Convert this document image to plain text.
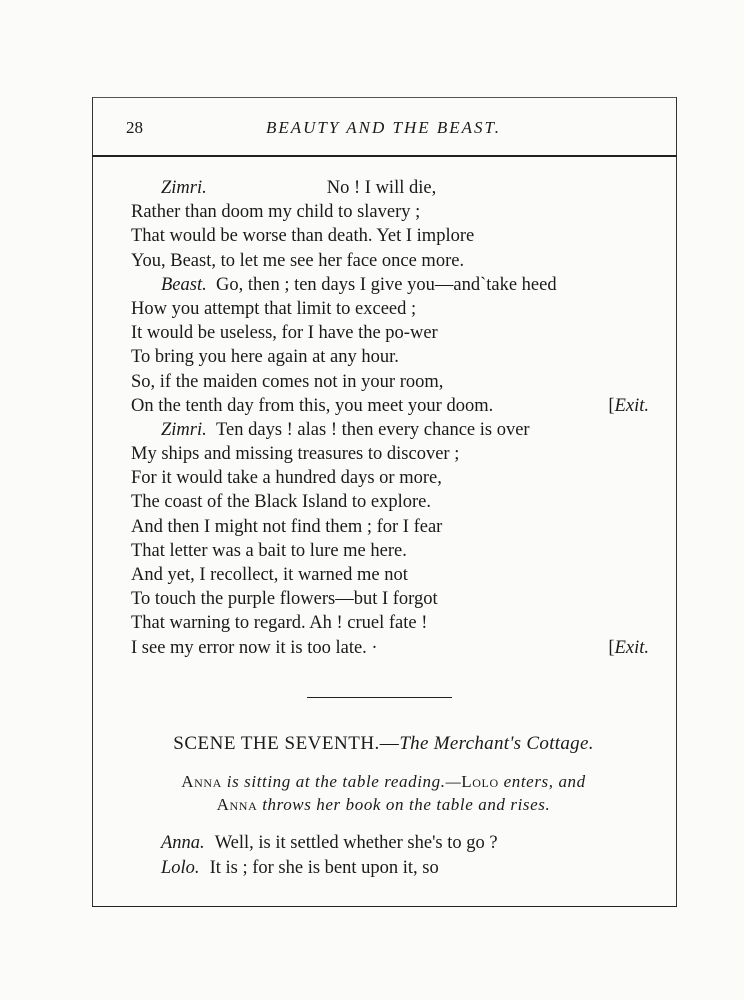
28	BEAUTY AND THE BEAST.
Zimri.	No ! I will die,
Rather than doom my child to slavery ;
That would be worse than death. Yet I implore
You, Beast, to let me see her face once more.
Beast. Go, then ; ten days I give you—and`take heed
How you attempt that limit to exceed ;
It would be useless, for I have the po-wer
To bring you here again at any hour.
So, if the maiden comes not in your room,
On the tenth day from this, you meet your doom.	[Exit.
Zimri. Ten days ! alas ! then every chance is over
My ships and missing treasures to discover ;
For it would take a hundred days or more,
The coast of the Black Island to explore.
And then I might not find them ; for I fear
That letter was a bait to lure me here.
And yet, I recollect, it warned me not
To touch the purple flowers—but I forgot
That warning to regard. Ah ! cruel fate !
I see my error now it is too late. ·	[Exit.
SCENE THE SEVENTH.—The Merchant's Cottage.
Anna is sitting at the table reading.—Lolo enters, and
Anna throws her book on the table and rises.
Anna. Well, is it settled whether she's to go ?
Lolo. It is ; for she is bent upon it, so
